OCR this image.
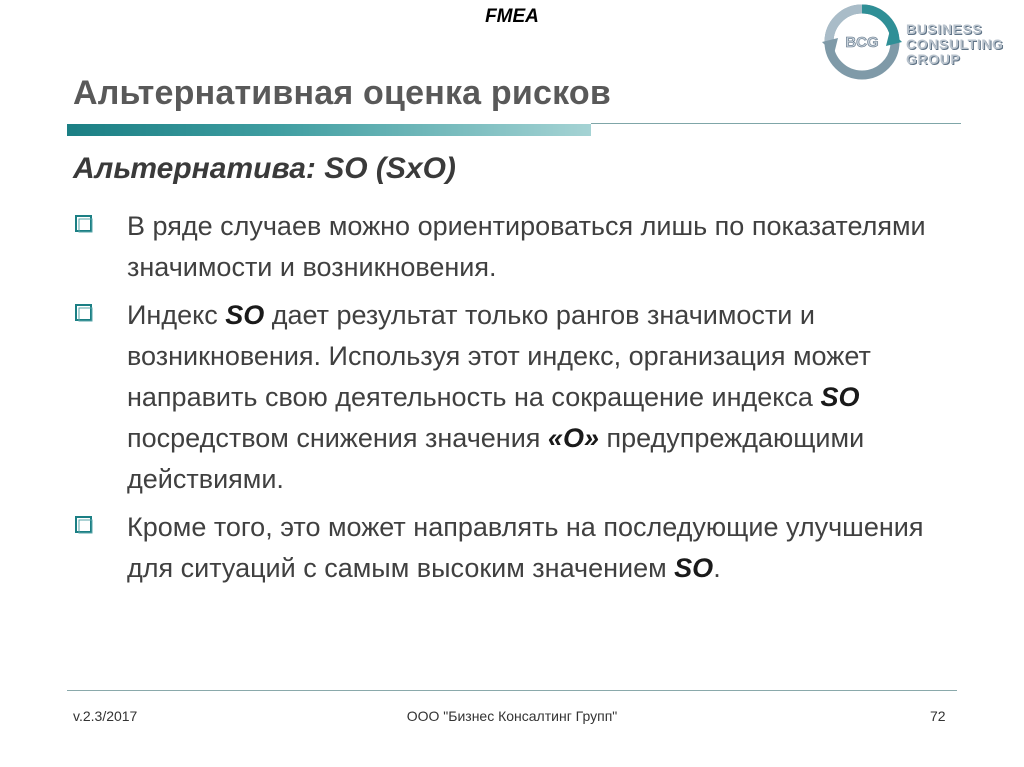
FMEA
BCG
BUSINESS
CONSULTING
GROUP
Альтернативная оценка рисков
Альтернатива: SO (SxO)
В ряде случаев можно ориентироваться лишь по показателями значимости и возникновения.
Индекс SO дает результат только рангов значимости и возникновения. Используя этот индекс, организация может направить свою деятельность на сокращение индекса SO посредством снижения значения «О» предупреждающими действиями.
Кроме того, это может направлять на последующие улучшения для ситуаций с самым высоким значением SO.
v.2.3/2017	ООО "Бизнес Консалтинг Групп"	72
